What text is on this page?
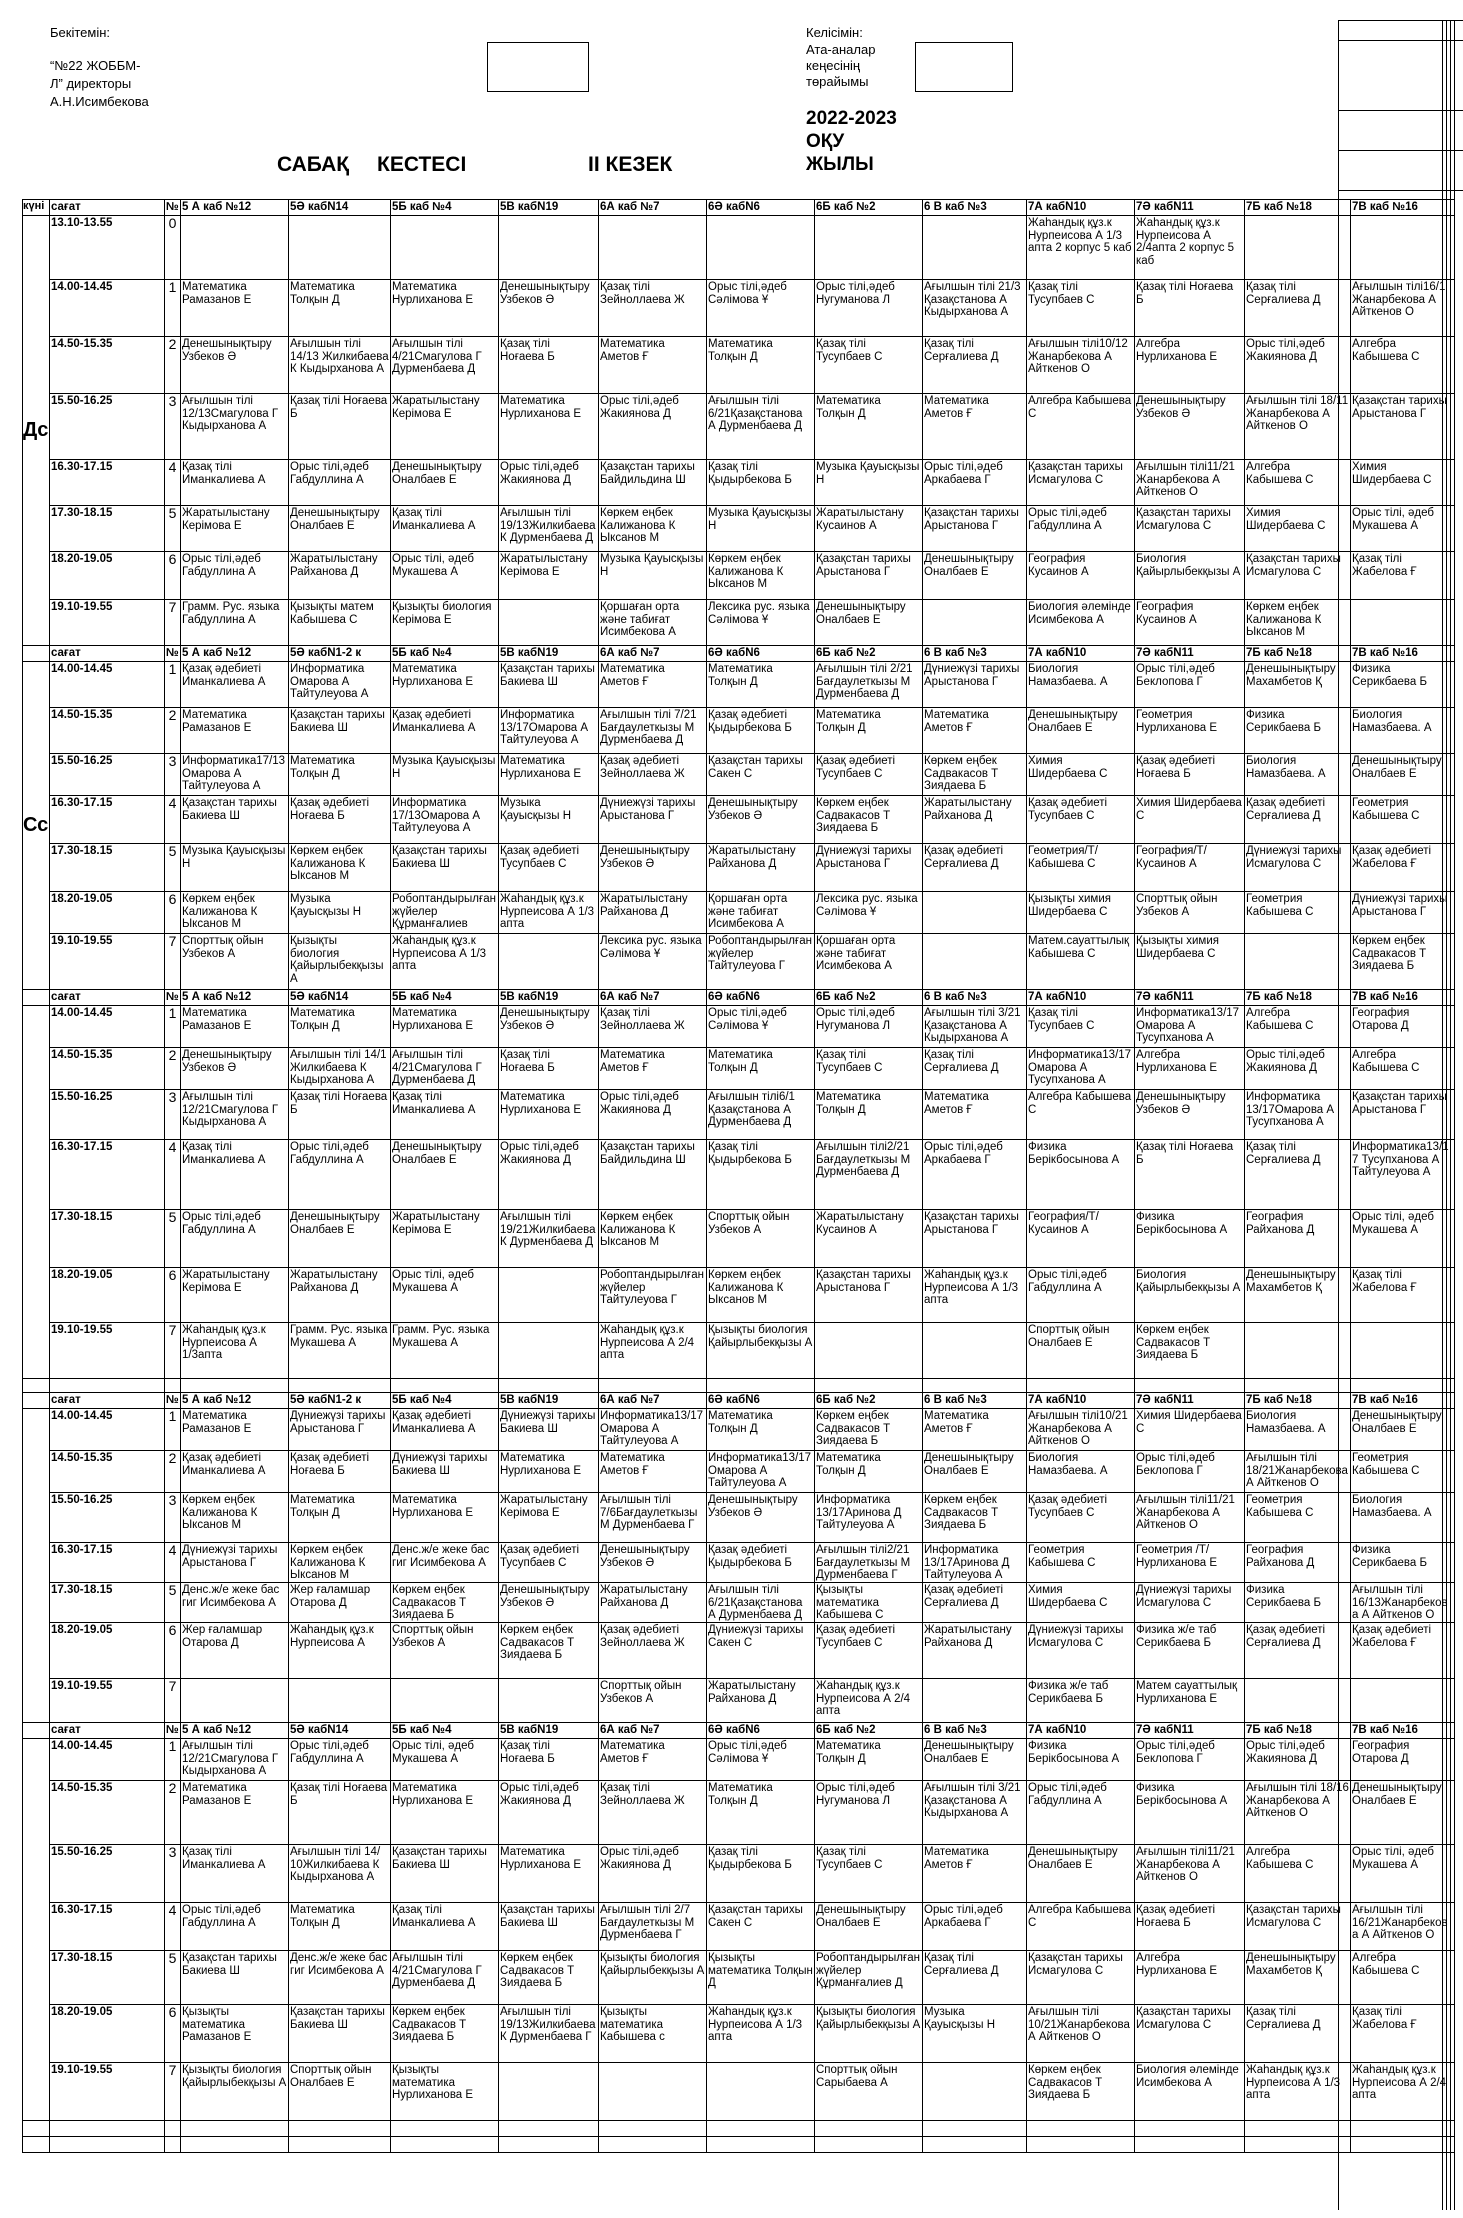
Бекітемін:
“№22 ЖОББМ-
Л” директоры
А.Н.Исимбекова
Келісімін:
Ата-аналар
кеңесінің
төрайымы
САБАҚ КЕСТЕСІ	ІІ КЕЗЕК
2022-2023
ОҚУ
ЖЫЛЫ
күні	сағат	№	5 А каб №12	5Ә кабN14	5Б каб №4	5В кабN19	6А каб №7	6Ә кабN6	6Б каб №2	6 В каб №3	7А кабN10	7Ә кабN11	7Б каб №18	7В каб №16
Дс	13.10-13.55	0									Жаһандық құз.к Нурпеисова А 1/3 апта 2 корпус 5 каб	Жаһандық құз.к Нурпеисова А 2/4апта 2 корпус 5 каб		
	14.00-14.45	1	Математика Рамазанов Е	Математика Толқын Д	Математика Нурлиханова Е	Денешынықтыру Узбеков Ә	Қазақ тілі Зейноллаева Ж	Орыс тілі,әдеб Сәлімова Ұ	Орыс тілі,әдеб Нугуманова Л	Ағылшын тілі 21/3 Қазақстанова А Кыдырханова А	Қазақ тілі Тусупбаев С	Қазақ тілі Ноғаева Б	Қазақ тілі Серғалиева Д	Ағылшын тілі16/1 Жанарбекова А Айткенов О
	14.50-15.35	2	Денешынықтыру Узбеков Ә	Ағылшын тілі 14/13 Жилкибаева К Кыдырханова А	Ағылшын тілі 4/21Смагулова Г Дурменбаева Д	Қазақ тілі Ноғаева Б	Математика Аметов Ғ	Математика Толқын Д	Қазақ тілі Тусупбаев С	Қазақ тілі Серғалиева Д	Ағылшын тілі10/12 Жанарбекова А Айткенов О	Алгебра Нурлиханова Е	Орыс тілі,әдеб Жакиянова Д	Алгебра Кабышева С
	15.50-16.25	3	Ағылшын тілі 12/13Смагулова Г Кыдырханова А	Қазақ тілі Ноғаева Б	Жаратылыстану Керімова Е	Математика Нурлиханова Е	Орыс тілі,әдеб Жакиянова Д	Ағылшын тілі 6/21Қазақстанова А Дурменбаева Д	Математика Толқын Д	Математика Аметов Ғ	Алгебра Кабышева С	Денешынықтыру Узбеков Ә	Ағылшын тілі 18/11 Жанарбекова А Айткенов О	Қазақстан тарихы Арыстанова Г
	16.30-17.15	4	Қазақ тілі Иманкалиева А	Орыс тілі,әдеб Габдуллина А	Денешынықтыру Оналбаев Е	Орыс тілі,әдеб Жакиянова Д	Қазақстан тарихы Байдильдина Ш	Қазақ тілі Қыдырбекова Б	Музыка Қауысқызы Н	Орыс тілі,әдеб Аркабаева Г	Қазақстан тарихы Исмагулова С	Ағылшын тілі11/21 Жанарбекова А Айткенов О	Алгебра Кабышева С	Химия Шидербаева С
	17.30-18.15	5	Жаратылыстану Керімова Е	Денешынықтыру Оналбаев Е	Қазақ тілі Иманкалиева А	Ағылшын тілі 19/13Жилкибаева К Дурменбаева Д	Көркем еңбек Калижанова К Ыксанов М	Музыка Қауысқызы Н	Жаратылыстану Кусаинов А	Қазақстан тарихы Арыстанова Г	Орыс тілі,әдеб Габдуллина А	Қазақстан тарихы Исмагулова С	Химия Шидербаева С	Орыс тілі, әдеб Мукашева А
	18.20-19.05	6	Орыс тілі,әдеб Габдуллина А	Жаратылыстану Райханова Д	Орыс тілі, әдеб Мукашева А	Жаратылыстану Керімова Е	Музыка Қауысқызы Н	Көркем еңбек Калижанова К Ыксанов М	Қазақстан тарихы Арыстанова Г	Денешынықтыру Оналбаев Е	География Кусаинов А	Биология Қайырлыбекқызы А	Қазақстан тарихы Исмагулова С	Қазақ тілі Жабелова Ғ
	19.10-19.55	7	Грамм. Рус. языка Габдуллина А	Қызықты матем Кабышева С	Қызықты биология Керімова Е		Қоршаған орта және табиғат Исимбекова А	Лексика рус. языка Сәлімова Ұ	Денешынықтыру Оналбаев Е		Биология әлемінде Исимбекова А	География Кусаинов А	Көркем еңбек Калижанова К Ыксанов М	
	сағат	№	5 А каб №12	5Ә кабN1-2 к	5Б каб №4	5В кабN19	6А каб №7	6Ә кабN6	6Б каб №2	6 В каб №3	7А кабN10	7Ә кабN11	7Б каб №18	7В каб №16
Сс	14.00-14.45	1	Қазақ әдебиеті Иманкалиева А	Информатика Омарова А Тайтулеуова А	Математика Нурлиханова Е	Қазақстан тарихы Бакиева Ш	Математика Аметов Ғ	Математика Толқын Д	Ағылшын тілі 2/21 Бағдаулеткызы М Дурменбаева Д	Дүниежүзі тарихы Арыстанова Г	Биология Намазбаева. А	Орыс тілі,әдеб Беклопова Г	Денешынықтыру Махамбетов Қ	Физика Серикбаева Б
	14.50-15.35	2	Математика Рамазанов Е	Қазақстан тарихы Бакиева Ш	Қазақ әдебиеті Иманкалиева А	Информатика 13/17Омарова А Тайтулеуова А	Ағылшын тілі 7/21 Бағдаулеткызы М Дурменбаева Д	Қазақ әдебиеті Қыдырбекова Б	Математика Толқын Д	Математика Аметов Ғ	Денешынықтыру Оналбаев Е	Геометрия Нурлиханова Е	Физика Серикбаева Б	Биология Намазбаева. А
	15.50-16.25	3	Информатика17/13 Омарова А Тайтулеуова А	Математика Толқын Д	Музыка Қауысқызы Н	Математика Нурлиханова Е	Қазақ әдебиеті Зейноллаева Ж	Қазақстан тарихы Сакен С	Қазақ әдебиеті Тусупбаев С	Көркем еңбек Садвакасов Т Зиядаева Б	Химия Шидербаева С	Қазақ әдебиеті Ноғаева Б	Биология Намазбаева. А	Денешынықтыру Оналбаев Е
	16.30-17.15	4	Қазақстан тарихы Бакиева Ш	Қазақ әдебиеті Ноғаева Б	Информатика 17/13Омарова А Тайтулеуова А	Музыка Қауысқызы Н	Дүниежүзі тарихы Арыстанова Г	Денешынықтыру Узбеков Ә	Көркем еңбек Садвакасов Т Зиядаева Б	Жаратылыстану Райханова Д	Қазақ әдебиеті Тусупбаев С	Химия Шидербаева С	Қазақ әдебиеті Серғалиева Д	Геометрия Кабышева С
	17.30-18.15	5	Музыка Қауысқызы Н	Көркем еңбек Калижанова К Ыксанов М	Қазақстан тарихы Бакиева Ш	Қазақ әдебиеті Тусупбаев С	Денешынықтыру Узбеков Ә	Жаратылыстану Райханова Д	Дүниежүзі тарихы Арыстанова Г	Қазақ әдебиеті Серғалиева Д	Геометрия/Т/ Кабышева С	География/Т/ Кусаинов А	Дүниежүзі тарихы Исмагулова С	Қазақ әдебиеті Жабелова Ғ
	18.20-19.05	6	Көркем еңбек Калижанова К Ыксанов М	Музыка Қауысқызы Н	Робоптандырылған жүйелер Құрманғалиев	Жаһандық құз.к Нурпеисова А 1/3 апта	Жаратылыстану Райханова Д	Қоршаған орта және табиғат Исимбекова А	Лексика рус. языка Сәлімова Ұ		Қызықты химия Шидербаева С	Спорттық ойын Узбеков А	Геометрия Кабышева С	Дүниежүзі тарихы Арыстанова Г
	19.10-19.55	7	Спорттық ойын Узбеков А	Қызықты биология Қайырлыбекқызы А	Жаһандық құз.к Нурпеисова А 1/3 апта		Лексика рус. языка Сәлімова Ұ	Робоптандырылған жүйелер Тайтулеуова Г	Қоршаған орта және табиғат Исимбекова А		Матем.сауаттылық Кабышева С	Қызықты химия Шидербаева С		Көркем еңбек Садвакасов Т Зиядаева Б
	сағат	№	5 А каб №12	5Ә кабN14	5Б каб №4	5В кабN19	6А каб №7	6Ә кабN6	6Б каб №2	6 В каб №3	7А кабN10	7Ә кабN11	7Б каб №18	7В каб №16
	14.00-14.45	1	Математика Рамазанов Е	Математика Толқын Д	Математика Нурлиханова Е	Денешынықтыру Узбеков Ә	Қазақ тілі Зейноллаева Ж	Орыс тілі,әдеб Сәлімова Ұ	Орыс тілі,әдеб Нугуманова Л	Ағылшын тілі 3/21 Қазақстанова А Кыдырханова А	Қазақ тілі Тусупбаев С	Информатика13/17 Омарова А Тусупханова А	Алгебра Кабышева С	География Отарова Д
	14.50-15.35	2	Денешынықтыру Узбеков Ә	Ағылшын тілі 14/1 Жилкибаева К Кыдырханова А	Ағылшын тілі 4/21Смагулова Г Дурменбаева Д	Қазақ тілі Ноғаева Б	Математика Аметов Ғ	Математика Толқын Д	Қазақ тілі Тусупбаев С	Қазақ тілі Серғалиева Д	Информатика13/17 Омарова А Тусупханова А	Алгебра Нурлиханова Е	Орыс тілі,әдеб Жакиянова Д	Алгебра Кабышева С
	15.50-16.25	3	Ағылшын тілі 12/21Смагулова Г Кыдырханова А	Қазақ тілі Ноғаева Б	Қазақ тілі Иманкалиева А	Математика Нурлиханова Е	Орыс тілі,әдеб Жакиянова Д	Ағылшын тілі6/1 Қазақстанова А Дурменбаева Д	Математика Толқын Д	Математика Аметов Ғ	Алгебра Кабышева С	Денешынықтыру Узбеков Ә	Информатика 13/17Омарова А Тусупханова А	Қазақстан тарихы Арыстанова Г
	16.30-17.15	4	Қазақ тілі Иманкалиева А	Орыс тілі,әдеб Габдуллина А	Денешынықтыру Оналбаев Е	Орыс тілі,әдеб Жакиянова Д	Қазақстан тарихы Байдильдина Ш	Қазақ тілі Қыдырбекова Б	Ағылшын тілі2/21 Бағдаулеткызы М Дурменбаева Д	Орыс тілі,әдеб Аркабаева Г	Физика Берікбосынова А	Қазақ тілі Ноғаева Б	Қазақ тілі Серғалиева Д	Информатика13/17 Тусупханова А Тайтулеуова А
	17.30-18.15	5	Орыс тілі,әдеб Габдуллина А	Денешынықтыру Оналбаев Е	Жаратылыстану Керімова Е	Ағылшын тілі 19/21Жилкибаева К Дурменбаева Д	Көркем еңбек Калижанова К Ыксанов М	Спорттық ойын Узбеков А	Жаратылыстану Кусаинов А	Қазақстан тарихы Арыстанова Г	География/Т/ Кусаинов А	Физика Берікбосынова А	География Райханова Д	Орыс тілі, әдеб Мукашева А
	18.20-19.05	6	Жаратылыстану Керімова Е	Жаратылыстану Райханова Д	Орыс тілі, әдеб Мукашева А		Робоптандырылған жүйелер Тайтулеуова Г	Көркем еңбек Калижанова К Ыксанов М	Қазақстан тарихы Арыстанова Г	Жаһандық құз.к Нурпеисова А 1/3 апта	Орыс тілі,әдеб Габдуллина А	Биология Қайырлыбекқызы А	Денешынықтыру Махамбетов Қ	Қазақ тілі Жабелова Ғ
	19.10-19.55	7	Жаһандық құз.к Нурпеисова А 1/3апта	Грамм. Рус. языка Мукашева А	Грамм. Рус. языка Мукашева А		Жаһандық құз.к Нурпеисова А 2/4 апта	Қызықты биология Қайырлыбекқызы А			Спорттық ойын Оналбаев Е	Көркем еңбек Садвакасов Т Зиядаева Б		

	сағат	№	5 А каб №12	5Ә кабN1-2 к	5Б каб №4	5В кабN19	6А каб №7	6Ә кабN6	6Б каб №2	6 В каб №3	7А кабN10	7Ә кабN11	7Б каб №18	7В каб №16
	14.00-14.45	1	Математика Рамазанов Е	Дүниежүзі тарихы Арыстанова Г	Қазақ әдебиеті Иманкалиева А	Дүниежүзі тарихы Бакиева Ш	Информатика13/17 Омарова А Тайтулеуова А	Математика Толқын Д	Көркем еңбек Садвакасов Т Зиядаева Б	Математика Аметов Ғ	Ағылшын тілі10/21 Жанарбекова А Айткенов О	Химия Шидербаева С	Биология Намазбаева. А	Денешынықтыру Оналбаев Е
	14.50-15.35	2	Қазақ әдебиеті Иманкалиева А	Қазақ әдебиеті Ноғаева Б	Дүниежүзі тарихы Бакиева Ш	Математика Нурлиханова Е	Математика Аметов Ғ	Информатика13/17 Омарова А Тайтулеуова А	Математика Толқын Д	Денешынықтыру Оналбаев Е	Биология Намазбаева. А	Орыс тілі,әдеб Беклопова Г	Ағылшын тілі 18/21Жанарбекова А Айткенов О	Геометрия Кабышева С
	15.50-16.25	3	Көркем еңбек Калижанова К Ыксанов М	Математика Толқын Д	Математика Нурлиханова Е	Жаратылыстану Керімова Е	Ағылшын тілі 7/6Бағдаулеткызы М Дурменбаева Г	Денешынықтыру Узбеков Ә	Информатика 13/17Аринова Д Тайтулеуова А	Көркем еңбек Садвакасов Т Зиядаева Б	Қазақ әдебиеті Тусупбаев С	Ағылшын тілі11/21 Жанарбекова А Айткенов О	Геометрия Кабышева С	Биология Намазбаева. А
	16.30-17.15	4	Дүниежүзі тарихы Арыстанова Г	Көркем еңбек Калижанова К Ыксанов М	Денс.ж/е жеке бас гиг Исимбекова А	Қазақ әдебиеті Тусупбаев С	Денешынықтыру Узбеков Ә	Қазақ әдебиеті Қыдырбекова Б	Ағылшын тілі2/21 Бағдаулеткызы М Дурменбаева Г	Информатика 13/17Аринова Д Тайтулеуова А	Геометрия Кабышева С	Геометрия /Т/ Нурлиханова Е	География Райханова Д	Физика Серикбаева Б
	17.30-18.15	5	Денс.ж/е жеке бас гиг Исимбекова А	Жер ғаламшар Отарова Д	Көркем еңбек Садвакасов Т Зиядаева Б	Денешынықтыру Узбеков Ә	Жаратылыстану Райханова Д	Ағылшын тілі 6/21Қазақстанова А Дурменбаева Д	Қызықты математика Кабышева С	Қазақ әдебиеті Серғалиева Д	Химия Шидербаева С	Дүниежүзі тарихы Исмагулова С	Физика Серикбаева Б	Ағылшын тілі 16/13Жанарбекова А Айткенов О
	18.20-19.05	6	Жер ғаламшар Отарова Д	Жаһандық құз.к Нурпеисова А	Спорттық ойын Узбеков А	Көркем еңбек Садвакасов Т Зиядаева Б	Қазақ әдебиеті Зейноллаева Ж	Дүниежүзі тарихы Сакен С	Қазақ әдебиеті Тусупбаев С	Жаратылыстану Райханова Д	Дүниежүзі тарихы Исмагулова С	Физика ж/е таб Серикбаева Б	Қазақ әдебиеті Серғалиева Д	Қазақ әдебиеті Жабелова Ғ
	19.10-19.55	7					Спорттық ойын Узбеков А	Жаратылыстану Райханова Д	Жаһандық құз.к Нурпеисова А 2/4 апта		Физика ж/е таб Серикбаева Б	Матем сауаттылық Нурлиханова Е		
	сағат	№	5 А каб №12	5Ә кабN14	5Б каб №4	5В кабN19	6А каб №7	6Ә кабN6	6Б каб №2	6 В каб №3	7А кабN10	7Ә кабN11	7Б каб №18	7В каб №16
	14.00-14.45	1	Ағылшын тілі 12/21Смагулова Г Кыдырханова А	Орыс тілі,әдеб Габдуллина А	Орыс тілі, әдеб Мукашева А	Қазақ тілі Ноғаева Б	Математика Аметов Ғ	Орыс тілі,әдеб Сәлімова Ұ	Математика Толқын Д	Денешынықтыру Оналбаев Е	Физика Берікбосынова А	Орыс тілі,әдеб Беклопова Г	Орыс тілі,әдеб Жакиянова Д	География Отарова Д
	14.50-15.35	2	Математика Рамазанов Е	Қазақ тілі Ноғаева Б	Математика Нурлиханова Е	Орыс тілі,әдеб Жакиянова Д	Қазақ тілі Зейноллаева Ж	Математика Толқын Д	Орыс тілі,әдеб Нугуманова Л	Ағылшын тілі 3/21 Қазақстанова А Кыдырханова А	Орыс тілі,әдеб Габдуллина А	Физика Берікбосынова А	Ағылшын тілі 18/16 Жанарбекова А Айткенов О	Денешынықтыру Оналбаев Е
	15.50-16.25	3	Қазақ тілі Иманкалиева А	Ағылшын тілі 14/ 10Жилкибаева К Кыдырханова А	Қазақстан тарихы Бакиева Ш	Математика Нурлиханова Е	Орыс тілі,әдеб Жакиянова Д	Қазақ тілі Қыдырбекова Б	Қазақ тілі Тусупбаев С	Математика Аметов Ғ	Денешынықтыру Оналбаев Е	Ағылшын тілі11/21 Жанарбекова А Айткенов О	Алгебра Кабышева С	Орыс тілі, әдеб Мукашева А
	16.30-17.15	4	Орыс тілі,әдеб Габдуллина А	Математика Толқын Д	Қазақ тілі Иманкалиева А	Қазақстан тарихы Бакиева Ш	Ағылшын тілі 2/7 Бағдаулеткызы М Дурменбаева Г	Қазақстан тарихы Сакен С	Денешынықтыру Оналбаев Е	Орыс тілі,әдеб Аркабаева Г	Алгебра Кабышева С	Қазақ әдебиеті Ноғаева Б	Қазақстан тарихы Исмагулова С	Ағылшын тілі 16/21Жанарбекова А Айткенов О
	17.30-18.15	5	Қазақстан тарихы Бакиева Ш	Денс.ж/е жеке бас гиг Исимбекова А	Ағылшын тілі 4/21Смагулова Г Дурменбаева Д	Көркем еңбек Садвакасов Т Зиядаева Б	Қызықты биология Қайырлыбекқызы А	Қызықты математика Толқын Д	Робоптандырылған жүйелер Құрманғалиев Д	Қазақ тілі Серғалиева Д	Қазақстан тарихы Исмагулова С	Алгебра Нурлиханова Е	Денешынықтыру Махамбетов Қ	Алгебра Кабышева С
	18.20-19.05	6	Қызықты математика Рамазанов Е	Қазақстан тарихы Бакиева Ш	Көркем еңбек Садвакасов Т Зиядаева Б	Ағылшын тілі 19/13Жилкибаева К Дурменбаева Г	Қызықты математика Кабышева с	Жаһандық құз.к Нурпеисова А 1/3 апта	Қызықты биология Қайырлыбекқызы А	Музыка Қауысқызы Н	Ағылшын тілі 10/21Жанарбекова А Айткенов О	Қазақстан тарихы Исмагулова С	Қазақ тілі Серғалиева Д	Қазақ тілі Жабелова Ғ
	19.10-19.55	7	Қызықты биология Қайырлыбекқызы А	Спорттық ойын Оналбаев Е	Қызықты математика Нурлиханова Е				Спорттық ойын Сарыбаева А		Көркем еңбек Садвакасов Т Зиядаева Б	Биология әлемінде Исимбекова А	Жаһандық құз.к Нурпеисова А 1/3 апта	Жаһандық құз.к Нурпеисова А 2/4 апта
